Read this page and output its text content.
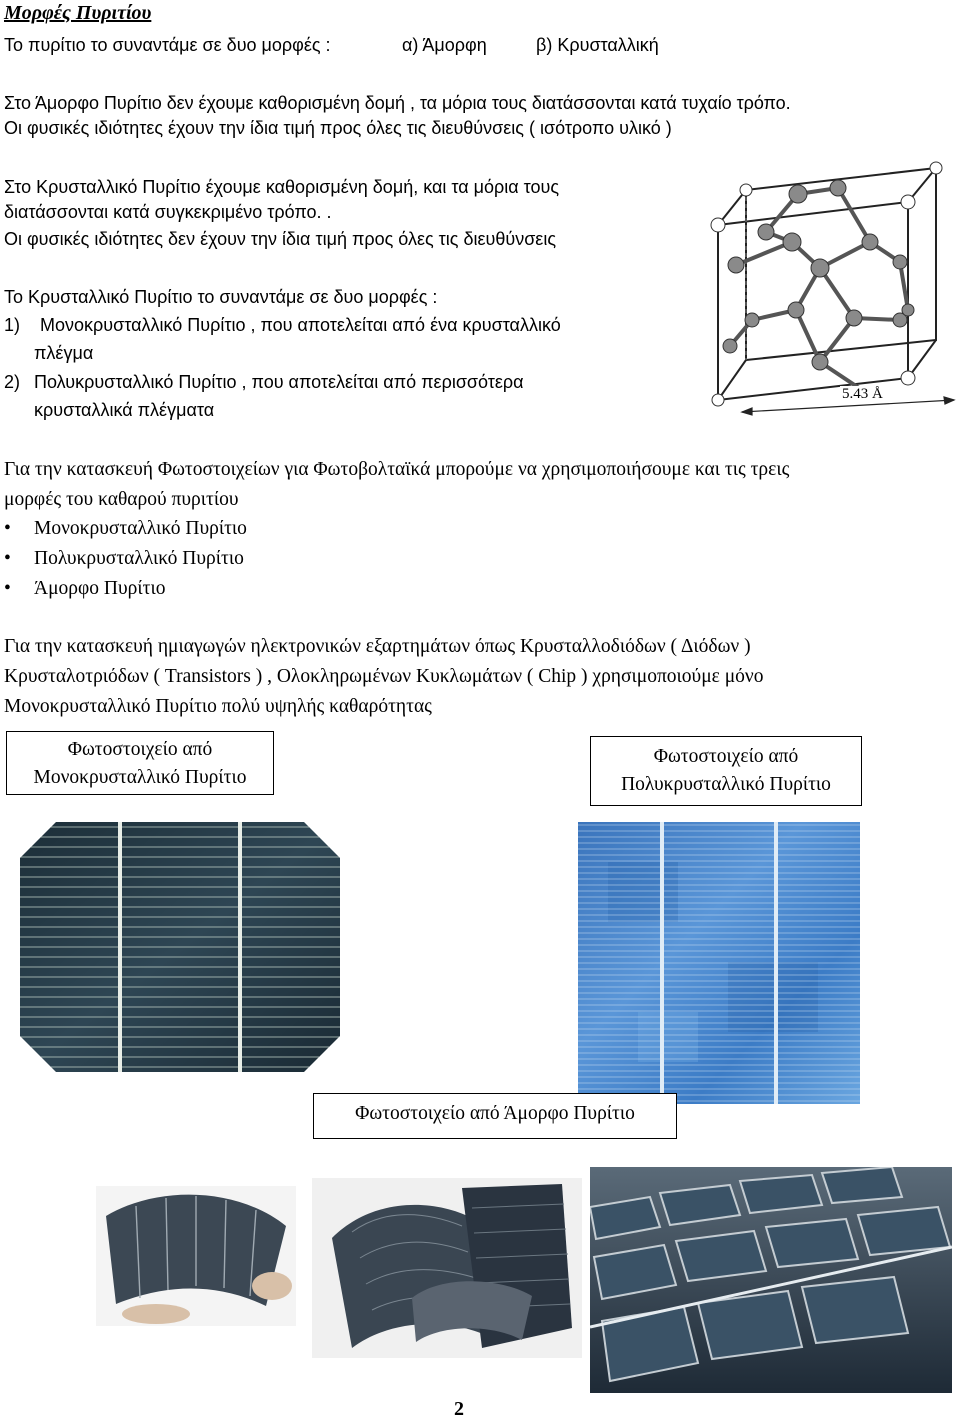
Μορφές Πυριτίου
Το πυρίτιο το συναντάμε σε δυο μορφές :	α) Άμορφη	β) Κρυσταλλική
Στο Άμορφο Πυρίτιο δεν έχουμε καθορισμένη δομή , τα μόρια τους διατάσσονται κατά τυχαίο τρόπο.
Οι φυσικές ιδιότητες έχουν την ίδια τιμή προς όλες τις διευθύνσεις ( ισότροπο υλικό )
Στο Κρυσταλλικό Πυρίτιο έχουμε καθορισμένη δομή, και τα μόρια τους
διατάσσονται κατά συγκεκριμένο τρόπο. .
Οι φυσικές ιδιότητες δεν έχουν την ίδια τιμή προς όλες τις διευθύνσεις
Το Κρυσταλλικό Πυρίτιο το συναντάμε σε δυο μορφές :
1) Μονοκρυσταλλικό Πυρίτιο , που αποτελείται από ένα κρυσταλλικό
πλέγμα
2) Πολυκρυσταλλικό Πυρίτιο , που αποτελείται από περισσότερα
κρυσταλλικά πλέγματα
5.43 Å
Για την κατασκευή Φωτοστοιχείων για Φωτοβολταϊκά μπορούμε να χρησιμοποιήσουμε και τις τρεις
μορφές του καθαρού πυριτίου
• Μονοκρυσταλλικό Πυρίτιο
• Πολυκρυσταλλικό Πυρίτιο
• Άμορφο Πυρίτιο
Για την κατασκευή ημιαγωγών ηλεκτρονικών εξαρτημάτων όπως Κρυσταλλοδιόδων ( Διόδων )
Κρυσταλοτριόδων ( Transistors ) , Ολοκληρωμένων Κυκλωμάτων ( Chip ) χρησιμοποιούμε μόνο
Μονοκρυσταλλικό Πυρίτιο πολύ υψηλής καθαρότητας
Φωτοστοιχείο από
Μονοκρυσταλλικό Πυρίτιο
Φωτοστοιχείο από
Πολυκρυσταλλικό Πυρίτιο
Φωτοστοιχείο από Άμορφο Πυρίτιο
2
